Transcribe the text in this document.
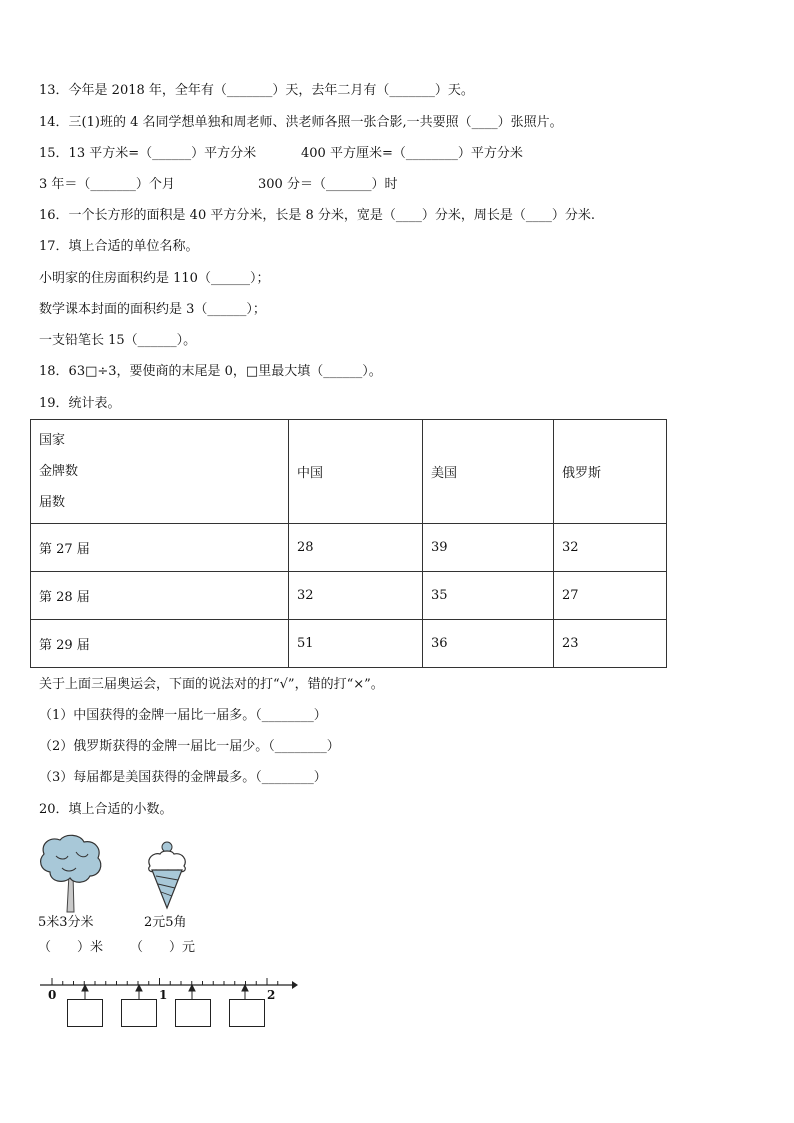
13．今年是 2018 年，全年有（_______）天，去年二月有（_______）天。
14．三(1)班的 4 名同学想单独和周老师、洪老师各照一张合影,一共要照（____）张照片。
15．13 平方米=（______）平方分米	400 平方厘米=（________）平方分米
3 年＝（_______）个月	300 分＝（_______）时
16．一个长方形的面积是 40 平方分米，长是 8 分米，宽是（____）分米，周长是（____）分米.
17．填上合适的单位名称。
小明家的住房面积约是 110（______）；
数学课本封面的面积约是 3（______）；
一支铅笔长 15（______）。
18．63□÷3，要使商的末尾是 0，□里最大填（______）。
19．统计表。
国家
金牌数
届数	中国	美国	俄罗斯
第 27 届	28	39	32
第 28 届	32	35	27
第 29 届	51	36	23
关于上面三届奥运会，下面的说法对的打“√”，错的打“×”。
（1）中国获得的金牌一届比一届多。（________）
（2）俄罗斯获得的金牌一届比一届少。（________）
（3）每届都是美国获得的金牌最多。（________）
20．填上合适的小数。
5米3分米	2元5角
（　　）米 （　　）元
0	1	2
